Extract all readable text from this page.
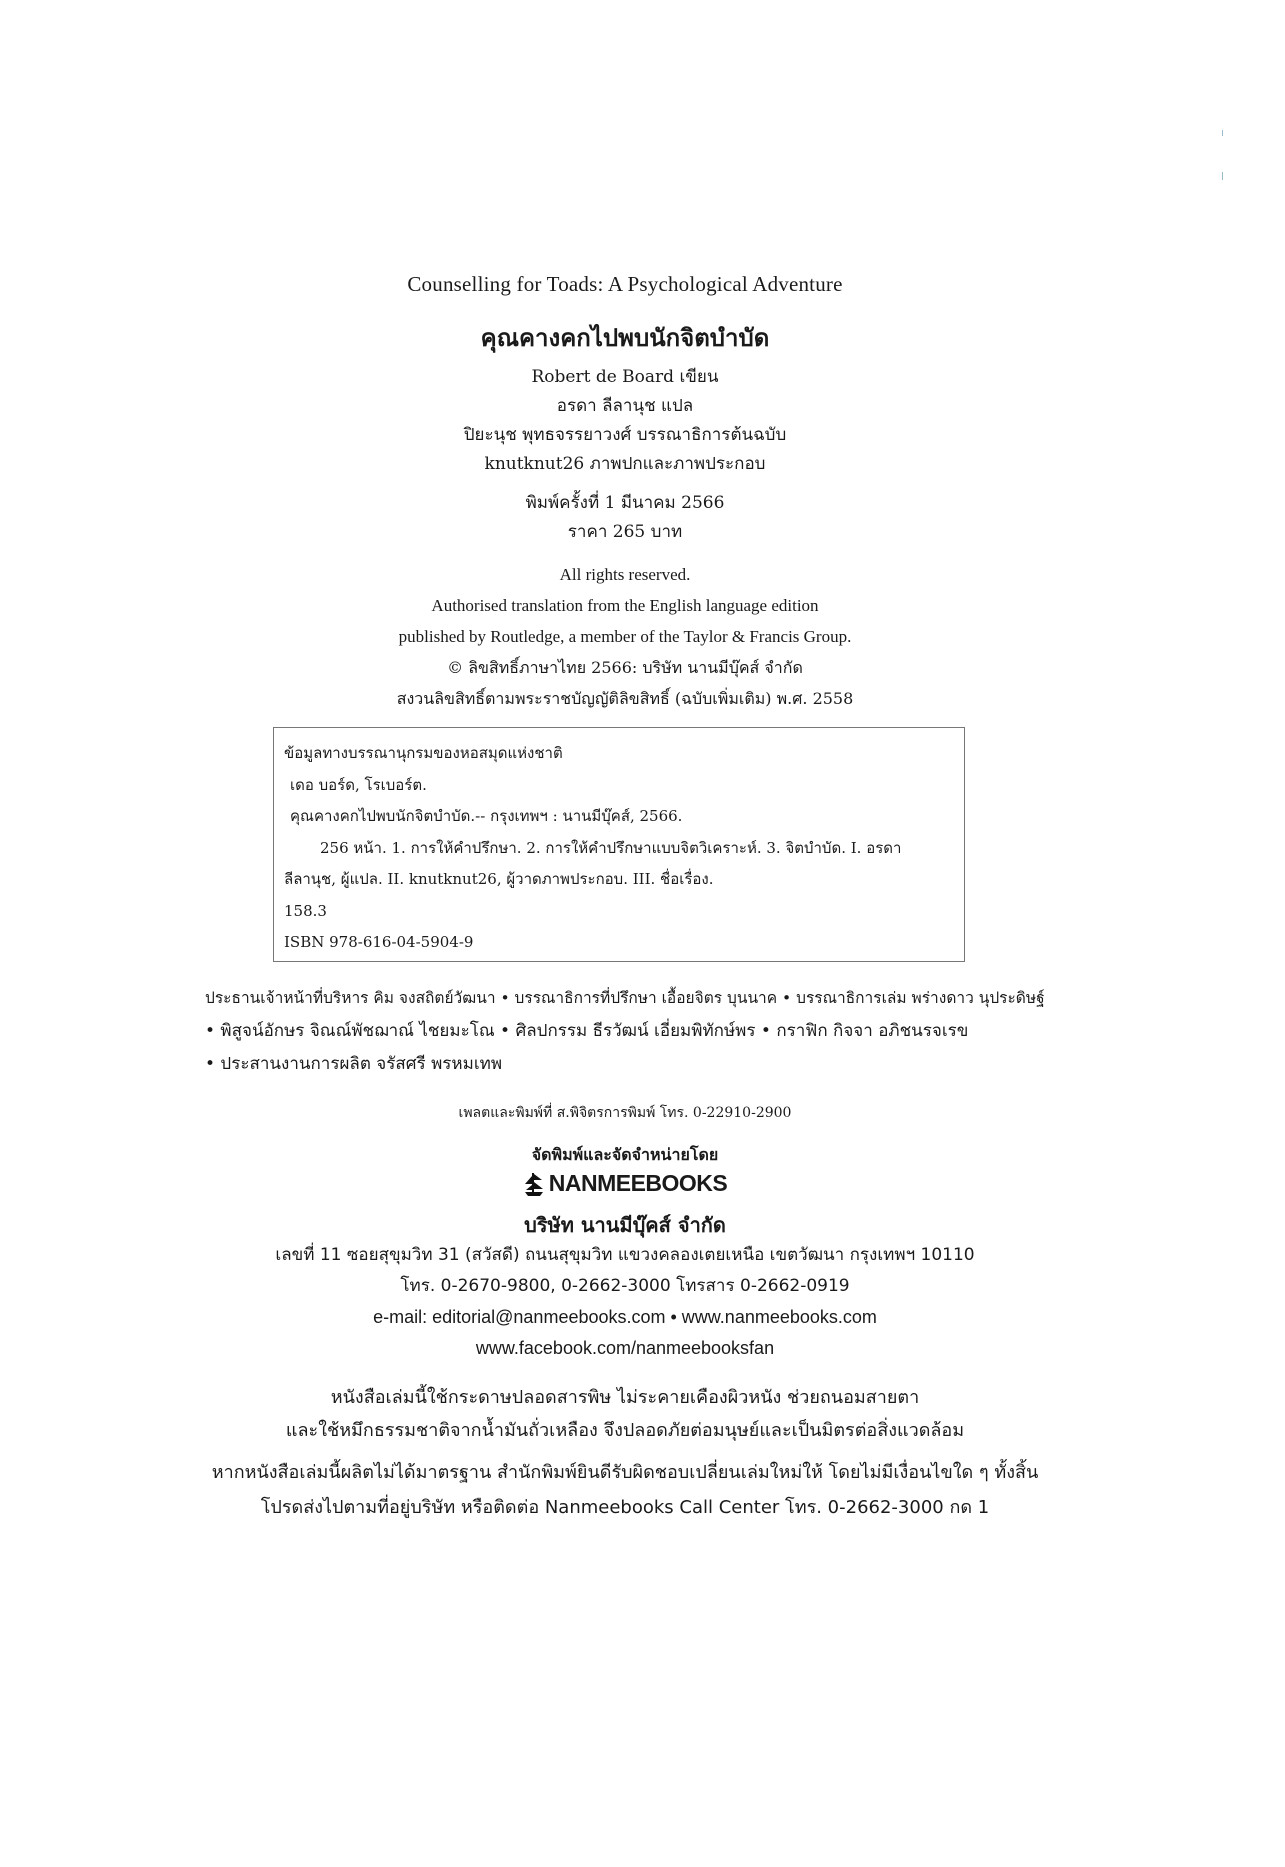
Counselling for Toads: A Psychological Adventure
คุณคางคกไปพบนักจิตบำบัด
Robert de Board เขียน
อรดา ลีลานุช แปล
ปิยะนุช พุทธจรรยาวงศ์ บรรณาธิการต้นฉบับ
knutknut26 ภาพปกและภาพประกอบ
พิมพ์ครั้งที่ 1 มีนาคม 2566
ราคา 265 บาท
All rights reserved.
Authorised translation from the English language edition
published by Routledge, a member of the Taylor & Francis Group.
© ลิขสิทธิ์ภาษาไทย 2566: บริษัท นานมีบุ๊คส์ จำกัด
สงวนลิขสิทธิ์ตามพระราชบัญญัติลิขสิทธิ์ (ฉบับเพิ่มเติม) พ.ศ. 2558
ข้อมูลทางบรรณานุกรมของหอสมุดแห่งชาติ
เดอ บอร์ด, โรเบอร์ต.
คุณคางคกไปพบนักจิตบำบัด.-- กรุงเทพฯ : นานมีบุ๊คส์, 2566.
256 หน้า. 1. การให้คำปรึกษา. 2. การให้คำปรึกษาแบบจิตวิเคราะห์. 3. จิตบำบัด. I. อรดา
ลีลานุช, ผู้แปล. II. knutknut26, ผู้วาดภาพประกอบ. III. ชื่อเรื่อง.
158.3
ISBN 978-616-04-5904-9
ประธานเจ้าหน้าที่บริหาร คิม จงสถิตย์วัฒนา • บรรณาธิการที่ปรึกษา เอื้อยจิตร บุนนาค • บรรณาธิการเล่ม พร่างดาว นุประดิษฐ์
• พิสูจน์อักษร จิณณ์พัชฌาณ์ ไชยมะโณ • ศิลปกรรม ธีรวัฒน์ เอี่ยมพิทักษ์พร • กราฟิก กิจจา อภิชนรจเรข
• ประสานงานการผลิต จรัสศรี พรหมเทพ
เพลตและพิมพ์ที่ ส.พิจิตรการพิมพ์ โทร. 0-22910-2900
จัดพิมพ์และจัดจำหน่ายโดย
NANMEEBOOKS
บริษัท นานมีบุ๊คส์ จำกัด
เลขที่ 11 ซอยสุขุมวิท 31 (สวัสดี) ถนนสุขุมวิท แขวงคลองเตยเหนือ เขตวัฒนา กรุงเทพฯ 10110
โทร. 0-2670-9800, 0-2662-3000 โทรสาร 0-2662-0919
e-mail: editorial@nanmeebooks.com • www.nanmeebooks.com
www.facebook.com/nanmeebooksfan
หนังสือเล่มนี้ใช้กระดาษปลอดสารพิษ ไม่ระคายเคืองผิวหนัง ช่วยถนอมสายตา
และใช้หมึกธรรมชาติจากน้ำมันถั่วเหลือง จึงปลอดภัยต่อมนุษย์และเป็นมิตรต่อสิ่งแวดล้อม
หากหนังสือเล่มนี้ผลิตไม่ได้มาตรฐาน สำนักพิมพ์ยินดีรับผิดชอบเปลี่ยนเล่มใหม่ให้ โดยไม่มีเงื่อนไขใด ๆ ทั้งสิ้น
โปรดส่งไปตามที่อยู่บริษัท หรือติดต่อ Nanmeebooks Call Center โทร. 0-2662-3000 กด 1
